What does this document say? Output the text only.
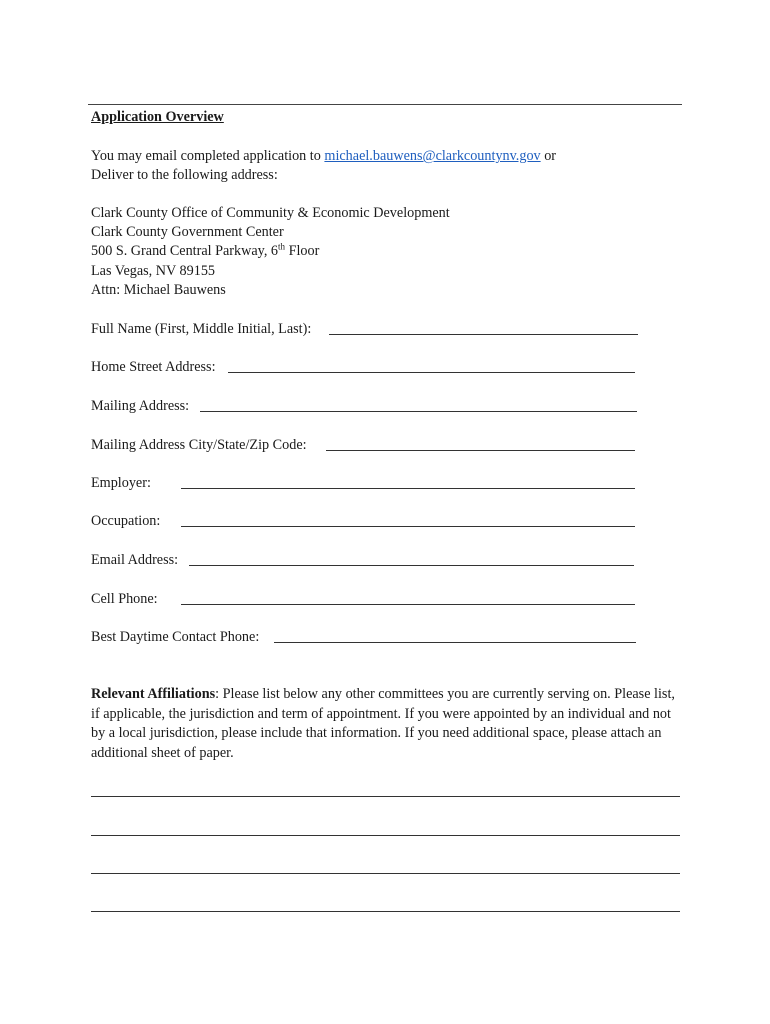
Application Overview
You may email completed application to michael.bauwens@clarkcountynv.gov or
Deliver to the following address:
Clark County Office of Community & Economic Development
Clark County Government Center
500 S. Grand Central Parkway, 6th Floor
Las Vegas, NV 89155
Attn: Michael Bauwens
Full Name (First, Middle Initial, Last):
Home Street Address:
Mailing Address:
Mailing Address City/State/Zip Code:
Employer:
Occupation:
Email Address:
Cell Phone:
Best Daytime Contact Phone:
Relevant Affiliations: Please list below any other committees you are currently serving on. Please list, if applicable, the jurisdiction and term of appointment. If you were appointed by an individual and not by a local jurisdiction, please include that information. If you need additional space, please attach an additional sheet of paper.
